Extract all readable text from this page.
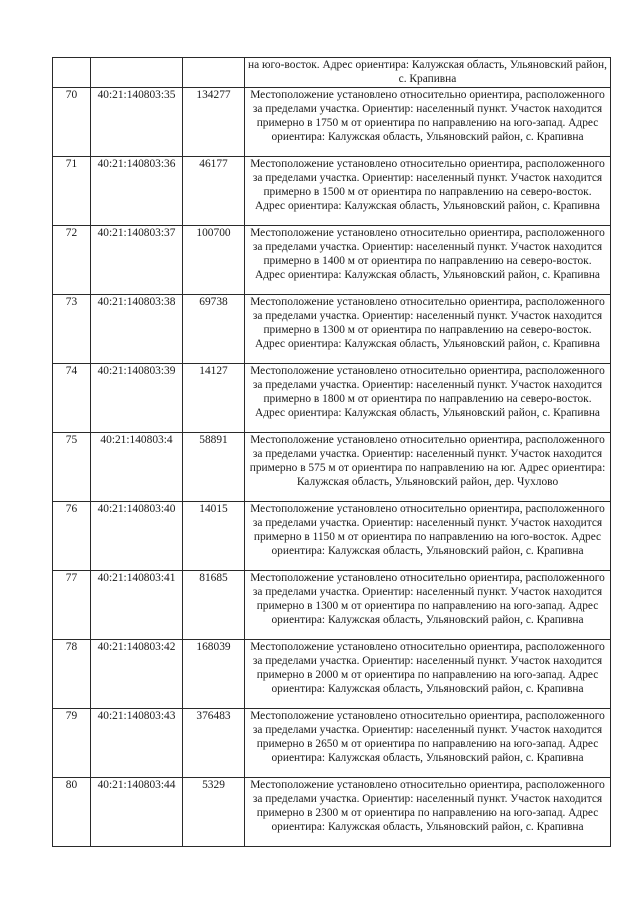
			на юго-восток. Адрес ориентира: Калужская область, Ульяновский район, с. Крапивна
70	40:21:140803:35	134277	Местоположение установлено относительно ориентира, расположенного за пределами участка. Ориентир: населенный пункт. Участок находится примерно в 1750 м от ориентира по направлению на юго-запад. Адрес ориентира: Калужская область, Ульяновский район, с. Крапивна
71	40:21:140803:36	46177	Местоположение установлено относительно ориентира, расположенного за пределами участка. Ориентир: населенный пункт. Участок находится примерно в 1500 м от ориентира по направлению на северо-восток. Адрес ориентира: Калужская область, Ульяновский район, с. Крапивна
72	40:21:140803:37	100700	Местоположение установлено относительно ориентира, расположенного за пределами участка. Ориентир: населенный пункт. Участок находится примерно в 1400 м от ориентира по направлению на северо-восток. Адрес ориентира: Калужская область, Ульяновский район, с. Крапивна
73	40:21:140803:38	69738	Местоположение установлено относительно ориентира, расположенного за пределами участка. Ориентир: населенный пункт. Участок находится примерно в 1300 м от ориентира по направлению на северо-восток. Адрес ориентира: Калужская область, Ульяновский район, с. Крапивна
74	40:21:140803:39	14127	Местоположение установлено относительно ориентира, расположенного за пределами участка. Ориентир: населенный пункт. Участок находится примерно в 1800 м от ориентира по направлению на северо-восток. Адрес ориентира: Калужская область, Ульяновский район, с. Крапивна
75	40:21:140803:4	58891	Местоположение установлено относительно ориентира, расположенного за пределами участка. Ориентир: населенный пункт. Участок находится примерно в 575 м от ориентира по направлению на юг. Адрес ориентира: Калужская область, Ульяновский район, дер. Чухлово
76	40:21:140803:40	14015	Местоположение установлено относительно ориентира, расположенного за пределами участка. Ориентир: населенный пункт. Участок находится примерно в 1150 м от ориентира по направлению на юго-восток. Адрес ориентира: Калужская область, Ульяновский район, с. Крапивна
77	40:21:140803:41	81685	Местоположение установлено относительно ориентира, расположенного за пределами участка. Ориентир: населенный пункт. Участок находится примерно в 1300 м от ориентира по направлению на юго-запад. Адрес ориентира: Калужская область, Ульяновский район, с. Крапивна
78	40:21:140803:42	168039	Местоположение установлено относительно ориентира, расположенного за пределами участка. Ориентир: населенный пункт. Участок находится примерно в 2000 м от ориентира по направлению на юго-запад. Адрес ориентира: Калужская область, Ульяновский район, с. Крапивна
79	40:21:140803:43	376483	Местоположение установлено относительно ориентира, расположенного за пределами участка. Ориентир: населенный пункт. Участок находится примерно в 2650 м от ориентира по направлению на юго-запад. Адрес ориентира: Калужская область, Ульяновский район, с. Крапивна
80	40:21:140803:44	5329	Местоположение установлено относительно ориентира, расположенного за пределами участка. Ориентир: населенный пункт. Участок находится примерно в 2300 м от ориентира по направлению на юго-запад. Адрес ориентира: Калужская область, Ульяновский район, с. Крапивна
